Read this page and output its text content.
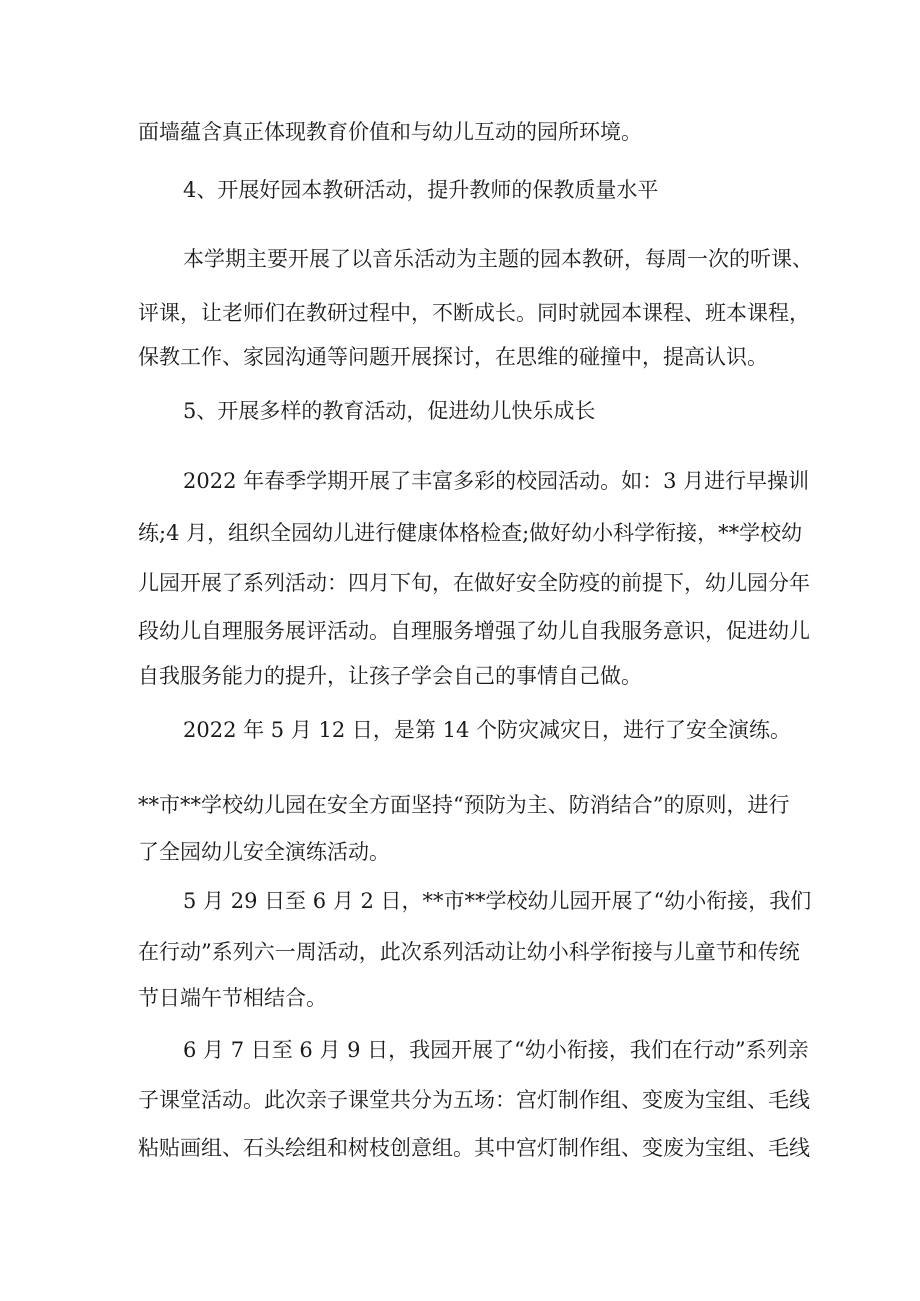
面墙蕴含真正体现教育价值和与幼儿互动的园所环境。

4、开展好园本教研活动，提升教师的保教质量水平

本学期主要开展了以音乐活动为主题的园本教研，每周一次的听课、

评课，让老师们在教研过程中，不断成长。同时就园本课程、班本课程，

保教工作、家园沟通等问题开展探讨，在思维的碰撞中，提高认识。

5、开展多样的教育活动，促进幼儿快乐成长

2022 年春季学期开展了丰富多彩的校园活动。如：3 月进行早操训

练;4 月，组织全园幼儿进行健康体格检查;做好幼小科学衔接，**学校幼

儿园开展了系列活动：四月下旬，在做好安全防疫的前提下，幼儿园分年

段幼儿自理服务展评活动。自理服务增强了幼儿自我服务意识，促进幼儿

自我服务能力的提升，让孩子学会自己的事情自己做。

2022 年 5 月 12 日，是第 14 个防灾减灾日，进行了安全演练。

**市**学校幼儿园在安全方面坚持“预防为主、防消结合”的原则，进行

了全园幼儿安全演练活动。

5 月 29 日至 6 月 2 日，**市**学校幼儿园开展了“幼小衔接，我们

在行动”系列六一周活动，此次系列活动让幼小科学衔接与儿童节和传统

节日端午节相结合。

6 月 7 日至 6 月 9 日，我园开展了“幼小衔接，我们在行动”系列亲

子课堂活动。此次亲子课堂共分为五场：宫灯制作组、变废为宝组、毛线

粘贴画组、石头绘组和树枝创意组。其中宫灯制作组、变废为宝组、毛线
